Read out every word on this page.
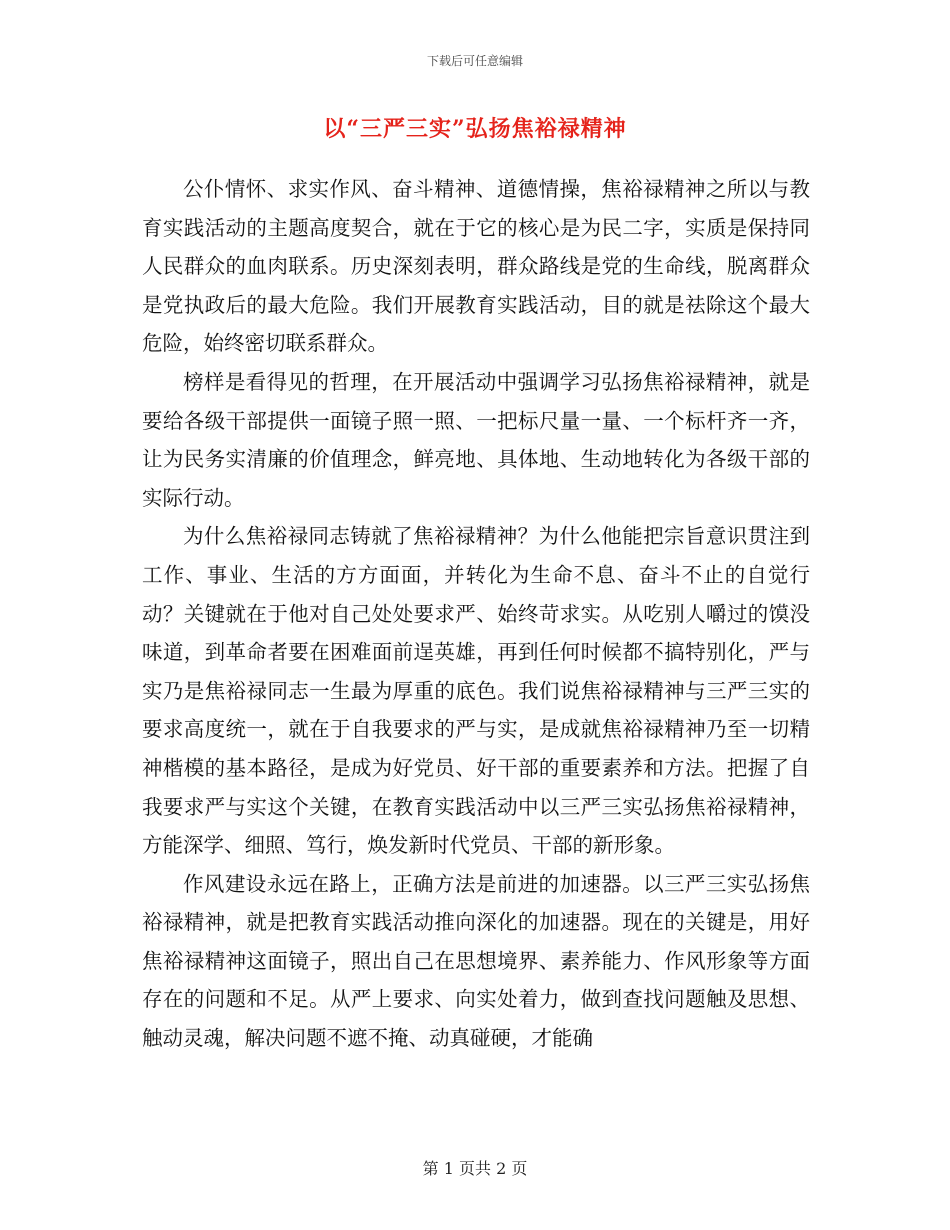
下载后可任意编辑
以“三严三实”弘扬焦裕禄精神

公仆情怀、求实作风、奋斗精神、道德情操，焦裕禄精神之所以与教育实践活动的主题高度契合，就在于它的核心是为民二字，实质是保持同人民群众的血肉联系。历史深刻表明，群众路线是党的生命线，脱离群众是党执政后的最大危险。我们开展教育实践活动，目的就是祛除这个最大危险，始终密切联系群众。

榜样是看得见的哲理，在开展活动中强调学习弘扬焦裕禄精神，就是要给各级干部提供一面镜子照一照、一把标尺量一量、一个标杆齐一齐，让为民务实清廉的价值理念，鲜亮地、具体地、生动地转化为各级干部的实际行动。

为什么焦裕禄同志铸就了焦裕禄精神？为什么他能把宗旨意识贯注到工作、事业、生活的方方面面，并转化为生命不息、奋斗不止的自觉行动？关键就在于他对自己处处要求严、始终苛求实。从吃别人嚼过的馍没味道，到革命者要在困难面前逞英雄，再到任何时候都不搞特别化，严与实乃是焦裕禄同志一生最为厚重的底色。我们说焦裕禄精神与三严三实的要求高度统一，就在于自我要求的严与实，是成就焦裕禄精神乃至一切精神楷模的基本路径，是成为好党员、好干部的重要素养和方法。把握了自我要求严与实这个关键，在教育实践活动中以三严三实弘扬焦裕禄精神，方能深学、细照、笃行，焕发新时代党员、干部的新形象。

作风建设永远在路上，正确方法是前进的加速器。以三严三实弘扬焦裕禄精神，就是把教育实践活动推向深化的加速器。现在的关键是，用好焦裕禄精神这面镜子，照出自己在思想境界、素养能力、作风形象等方面存在的问题和不足。从严上要求、向实处着力，做到查找问题触及思想、触动灵魂，解决问题不遮不掩、动真碰硬，才能确

第 1 页共 2 页
